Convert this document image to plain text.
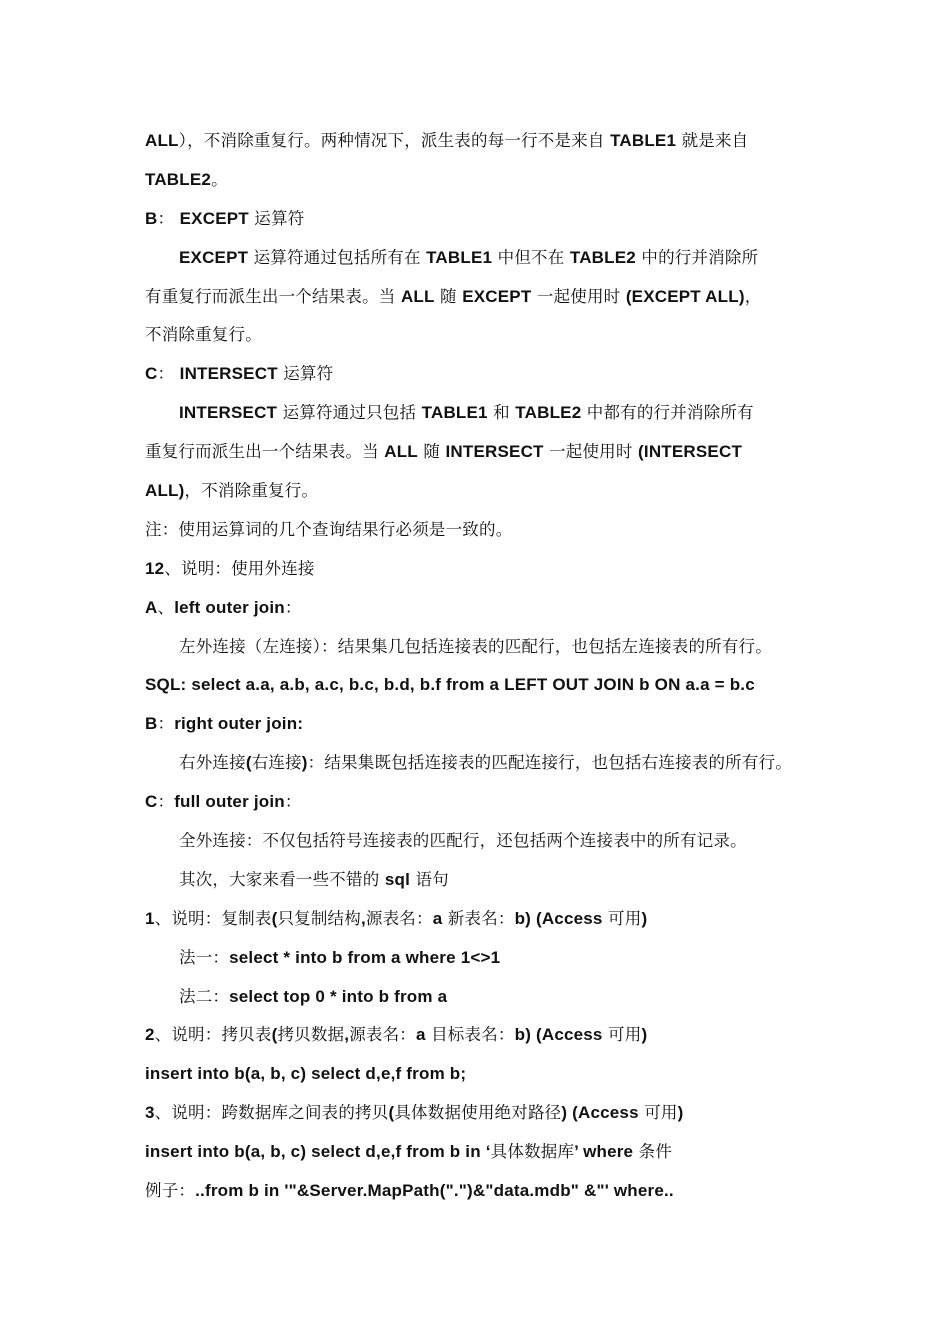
ALL），不消除重复行。两种情况下，派生表的每一行不是来自 TABLE1 就是来自
TABLE2。
B： EXCEPT 运算符
EXCEPT 运算符通过包括所有在 TABLE1 中但不在 TABLE2 中的行并消除所
有重复行而派生出一个结果表。当 ALL 随 EXCEPT 一起使用时 (EXCEPT ALL)，
不消除重复行。
C： INTERSECT 运算符
INTERSECT 运算符通过只包括 TABLE1 和 TABLE2 中都有的行并消除所有
重复行而派生出一个结果表。当 ALL 随 INTERSECT 一起使用时 (INTERSECT
ALL)，不消除重复行。
注：使用运算词的几个查询结果行必须是一致的。
12、说明：使用外连接
A、left outer join：
左外连接（左连接）：结果集几包括连接表的匹配行，也包括左连接表的所有行。
SQL: select a.a, a.b, a.c, b.c, b.d, b.f from a LEFT OUT JOIN b ON a.a = b.c
B：right outer join:
右外连接(右连接)：结果集既包括连接表的匹配连接行，也包括右连接表的所有行。
C：full outer join：
全外连接：不仅包括符号连接表的匹配行，还包括两个连接表中的所有记录。
其次，大家来看一些不错的 sql 语句
1、说明：复制表(只复制结构,源表名：a 新表名：b) (Access 可用)
法一：select * into b from a where 1<>1
法二：select top 0 * into b from a
2、说明：拷贝表(拷贝数据,源表名：a 目标表名：b) (Access 可用)
insert into b(a, b, c) select d,e,f from b;
3、说明：跨数据库之间表的拷贝(具体数据使用绝对路径) (Access 可用)
insert into b(a, b, c) select d,e,f from b in ‘具体数据库’ where 条件
例子：..from b in '"&Server.MapPath(".")&"data.mdb" &"' where..
